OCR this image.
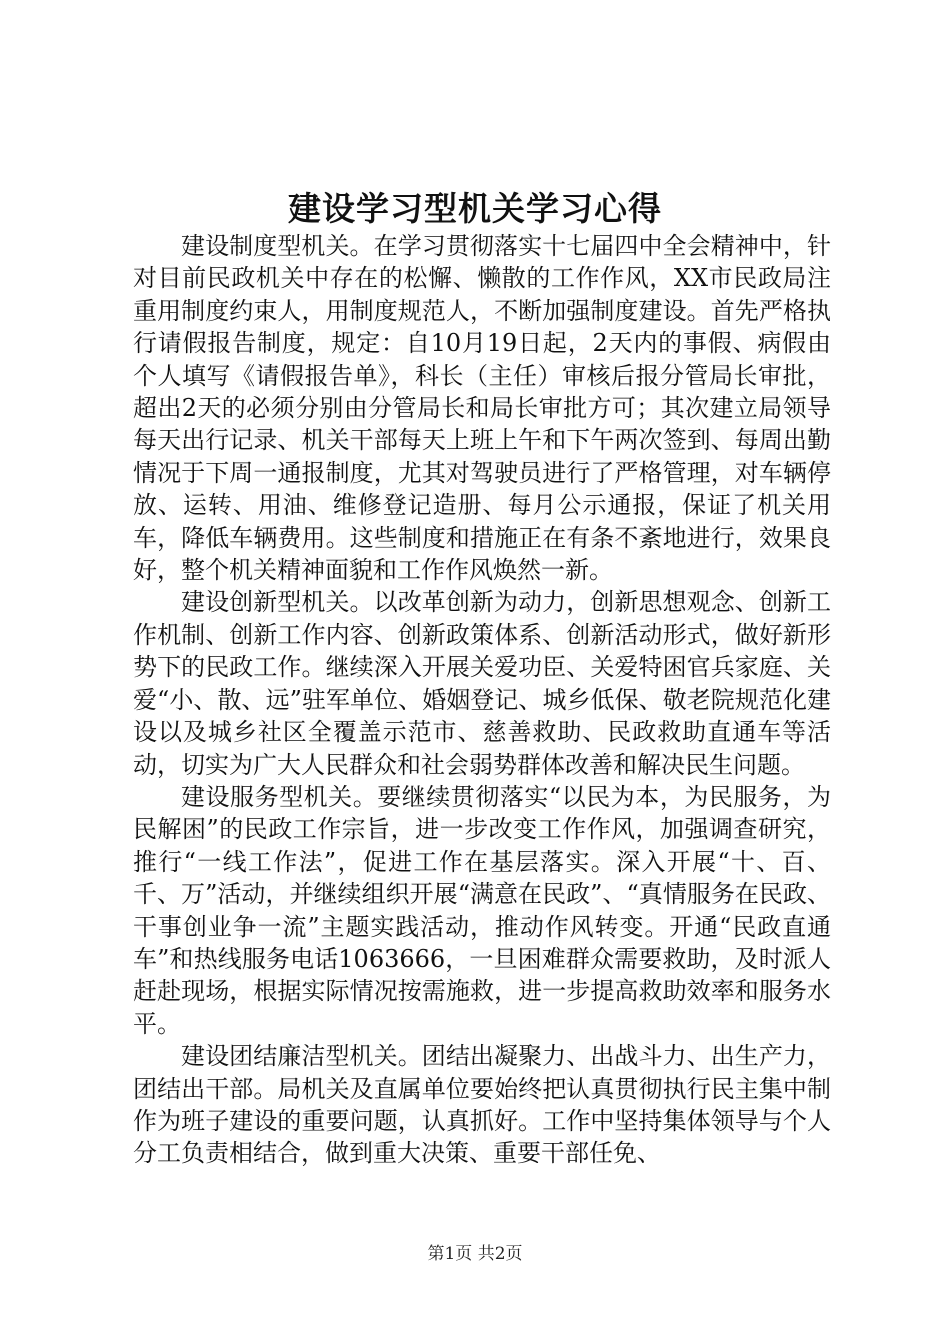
建设学习型机关学习心得

建设制度型机关。在学习贯彻落实十七届四中全会精神中，针对目前民政机关中存在的松懈、懒散的工作作风，XX市民政局注重用制度约束人，用制度规范人，不断加强制度建设。首先严格执行请假报告制度，规定：自10月19日起，2天内的事假、病假由个人填写《请假报告单》，科长（主任）审核后报分管局长审批，超出2天的必须分别由分管局长和局长审批方可；其次建立局领导每天出行记录、机关干部每天上班上午和下午两次签到、每周出勤情况于下周一通报制度，尤其对驾驶员进行了严格管理，对车辆停放、运转、用油、维修登记造册、每月公示通报，保证了机关用车，降低车辆费用。这些制度和措施正在有条不紊地进行，效果良好，整个机关精神面貌和工作作风焕然一新。

建设创新型机关。以改革创新为动力，创新思想观念、创新工作机制、创新工作内容、创新政策体系、创新活动形式，做好新形势下的民政工作。继续深入开展关爱功臣、关爱特困官兵家庭、关爱“小、散、远”驻军单位、婚姻登记、城乡低保、敬老院规范化建设以及城乡社区全覆盖示范市、慈善救助、民政救助直通车等活动，切实为广大人民群众和社会弱势群体改善和解决民生问题。

建设服务型机关。要继续贯彻落实“以民为本，为民服务，为民解困”的民政工作宗旨，进一步改变工作作风，加强调查研究，推行“一线工作法”，促进工作在基层落实。深入开展“十、百、千、万”活动，并继续组织开展“满意在民政”、“真情服务在民政、干事创业争一流”主题实践活动，推动作风转变。开通“民政直通车”和热线服务电话1063666，一旦困难群众需要救助，及时派人赶赴现场，根据实际情况按需施救，进一步提高救助效率和服务水平。

建设团结廉洁型机关。团结出凝聚力、出战斗力、出生产力，团结出干部。局机关及直属单位要始终把认真贯彻执行民主集中制作为班子建设的重要问题，认真抓好。工作中坚持集体领导与个人分工负责相结合，做到重大决策、重要干部任免、

第1页 共2页
